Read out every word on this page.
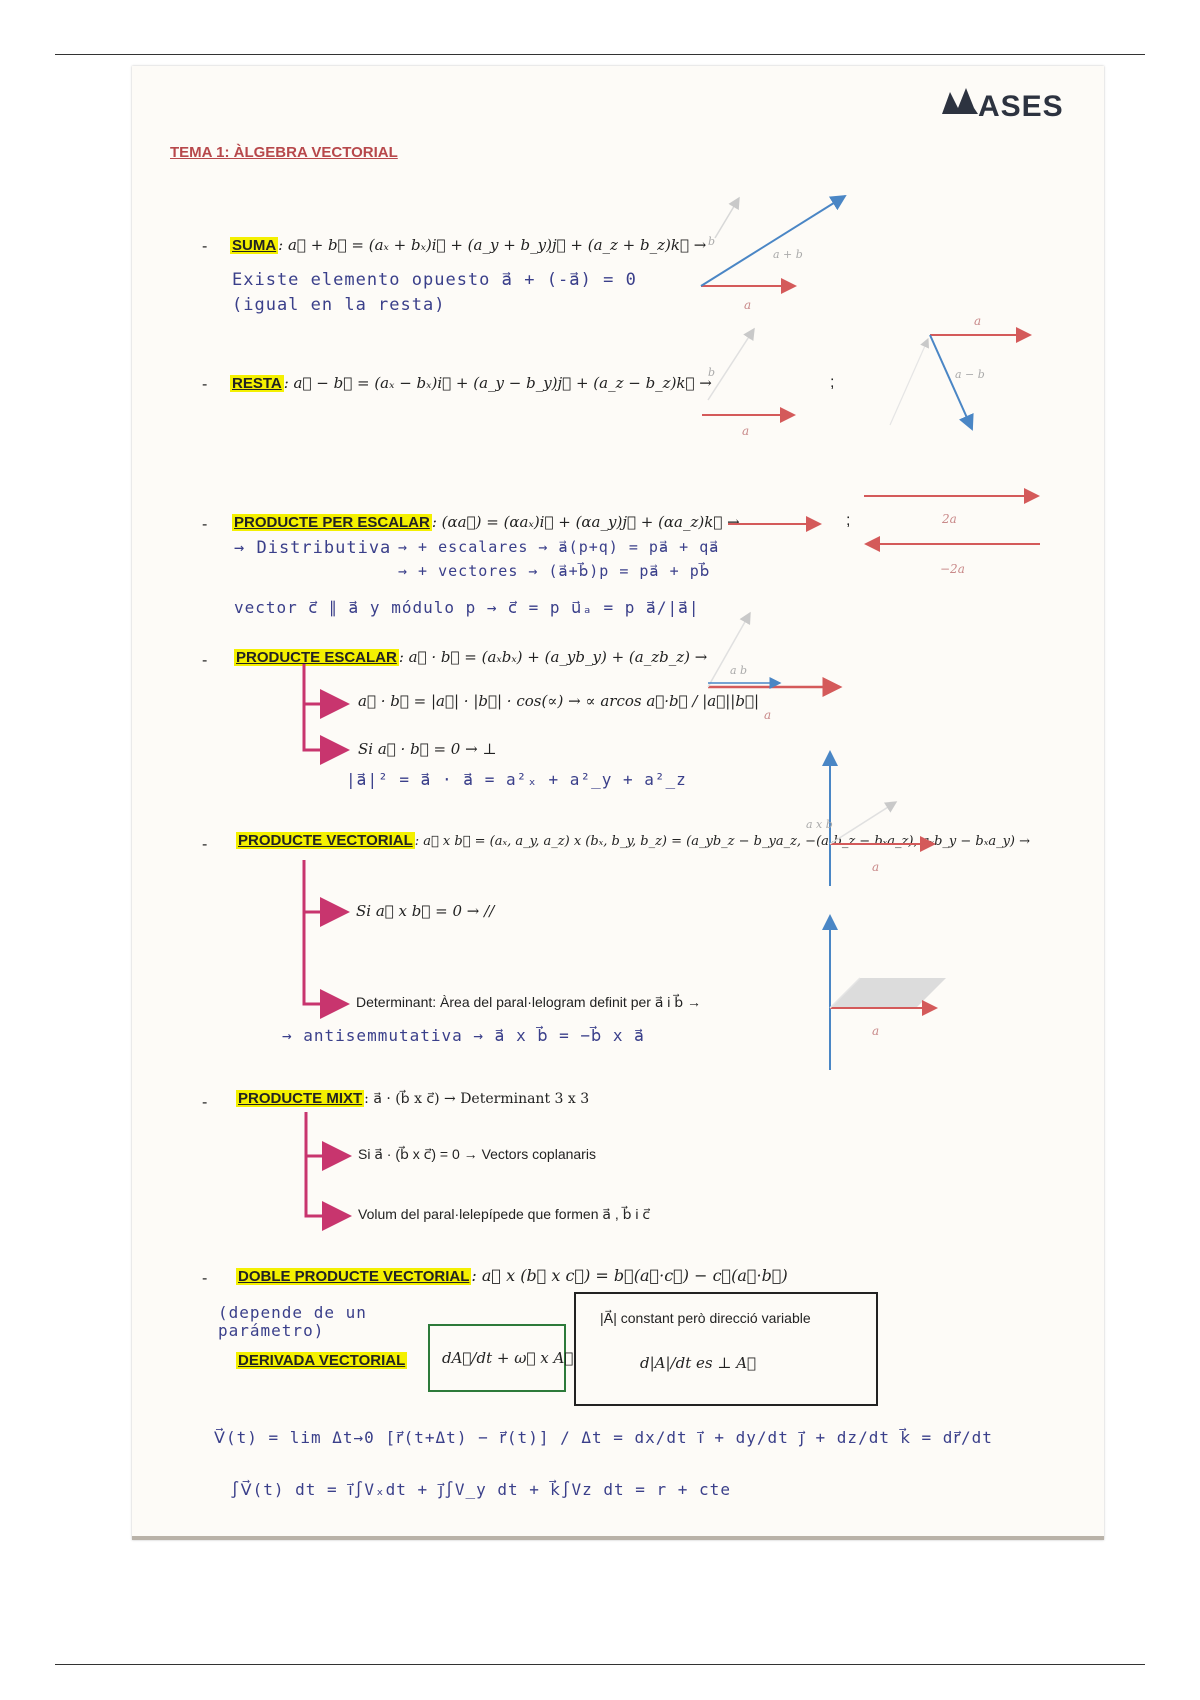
ASES
TEMA 1: ÀLGEBRA VECTORIAL
- SUMA : a⃗ + b⃗ = (aₓ + bₓ)i⃗ + (a_y + b_y)j⃗ + (a_z + b_z)k⃗ →
Existe elemento opuesto a⃗ + (-a⃗) = 0
(igual en la resta)	a
b
a + b
- RESTA : a⃗ − b⃗ = (aₓ − bₓ)i⃗ + (a_y − b_y)j⃗ + (a_z − b_z)k⃗ →
a
b
;
a
a − b
- PRODUCTE PER ESCALAR : (αa⃗) = (αaₓ)i⃗ + (αa_y)j⃗ + (αa_z)k⃗ →	;	2a
−2a
→ Distributiva → + escalares → a⃗(p+q) = pa⃗ + qa⃗
→ + vectores → (a⃗+b⃗)p = pa⃗ + pb⃗
vector c⃗ ∥ a⃗ y módulo p → c⃗ = p u⃗ₐ = p a⃗/|a⃗|
- PRODUCTE ESCALAR : a⃗ · b⃗ = (aₓbₓ) + (a_yb_y) + (a_zb_z) →
a
a b
a⃗ · b⃗ = |a⃗| · |b⃗| · cos(∝) → ∝ arcos a⃗·b⃗ / |a⃗||b⃗|
Si a⃗ · b⃗ = 0 → ⊥
|a⃗|² = a⃗ · a⃗ = a²ₓ + a²_y + a²_z
- PRODUCTE VECTORIAL : a⃗ x b⃗ = (aₓ, a_y, a_z) x (bₓ, b_y, b_z) = (a_yb_z − b_ya_z, −(aₓb_z − bₓa_z), aₓb_y − bₓa_y) →
a
a x b
Si a⃗ x b⃗ = 0 → //
Determinant: Àrea del paral·lelogram definit per a⃗ i b⃗ →
→ antisemmutativa → a⃗ x b⃗ = −b⃗ x a⃗	a
- PRODUCTE MIXT : a⃗ · (b⃗ x c⃗) → Determinant 3 x 3
Si a⃗ · (b⃗ x c⃗) = 0 → Vectors coplanaris
Volum del paral·lelepípede que formen a⃗ , b⃗ i c⃗
- DOBLE PRODUCTE VECTORIAL : a⃗ x (b⃗ x c⃗) = b⃗(a⃗·c⃗) − c⃗(a⃗·b⃗)
(depende de un parámetro)
DERIVADA VECTORIAL	dA⃗/dt + ω⃗ x A⃗
|A⃗| constant però direcció variable
d|A|/dt es ⊥ A⃗
V⃗(t) = lim Δt→0 [r⃗(t+Δt) − r⃗(t)] / Δt = dx/dt i⃗ + dy/dt j⃗ + dz/dt k⃗ = dr⃗/dt
∫V⃗(t) dt = i⃗∫Vₓdt + j⃗∫V_y dt + k⃗∫Vz dt = r + cte
